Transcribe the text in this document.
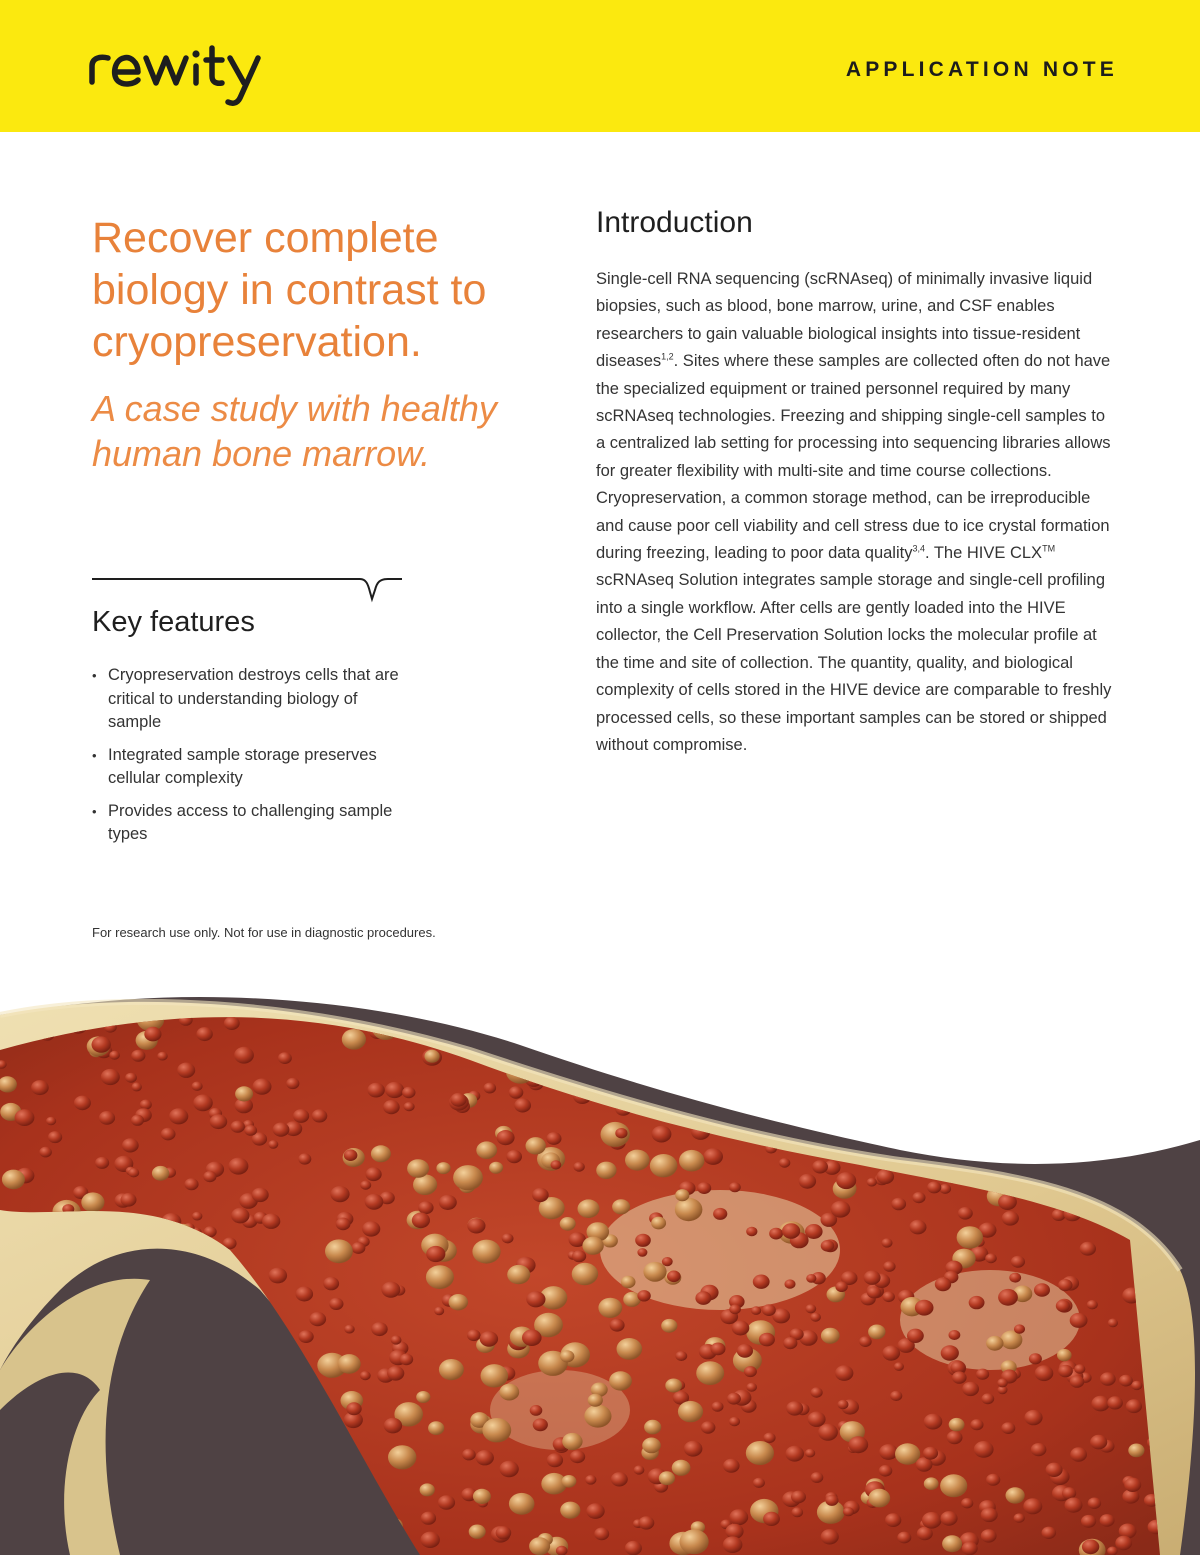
APPLICATION NOTE
Recover complete biology in contrast to cryopreservation.
A case study with healthy human bone marrow.
Key features
• Cryopreservation destroys cells that are critical to understanding biology of sample
• Integrated sample storage preserves cellular complexity
• Provides access to challenging sample types

For research use only. Not for use in diagnostic procedures.

Introduction

Single-cell RNA sequencing (scRNAseq) of minimally invasive liquid biopsies, such as blood, bone marrow, urine, and CSF enables researchers to gain valuable biological insights into tissue-resident diseases$^{1,2}$. Sites where these samples are collected often do not have the specialized equipment or trained personnel required by many scRNAseq technologies. Freezing and shipping single-cell samples to a centralized lab setting for processing into sequencing libraries allows for greater flexibility with multi-site and time course collections. Cryopreservation, a common storage method, can be irreproducible and cause poor cell viability and cell stress due to ice crystal formation during freezing, leading to poor data quality$^{3,4}$. The HIVE CLX™ scRNAseq Solution integrates sample storage and single-cell profiling into a single workflow. After cells are gently loaded into the HIVE collector, the Cell Preservation Solution locks the molecular profile at the time and site of collection. The quantity, quality, and biological complexity of cells stored in the HIVE device are comparable to freshly processed cells, so these important samples can be stored or shipped without compromise.
